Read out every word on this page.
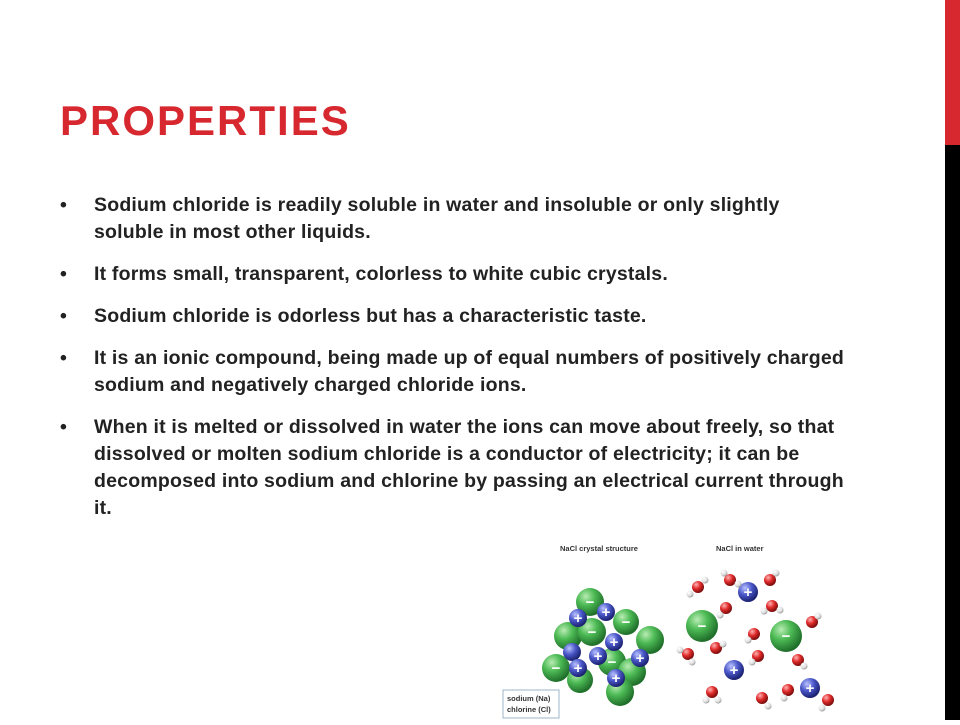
PROPERTIES
• Sodium chloride is readily soluble in water and insoluble or only slightly soluble in most other liquids.
• It forms small, transparent, colorless to white cubic crystals.
• Sodium chloride is odorless but has a characteristic taste.
• It is an ionic compound, being made up of equal numbers of positively charged sodium and negatively charged chloride ions.
• When it is melted or dissolved in water the ions can move about freely, so that dissolved or molten sodium chloride is a conductor of electricity; it can be decomposed into sodium and chlorine by passing an electrical current through it.
NaCl crystal structure	NaCl in water
+
+
+
+
+
+
+
−
−
−
−	−
+
+
+
−
−
sodium (Na)
chlorine (Cl)
